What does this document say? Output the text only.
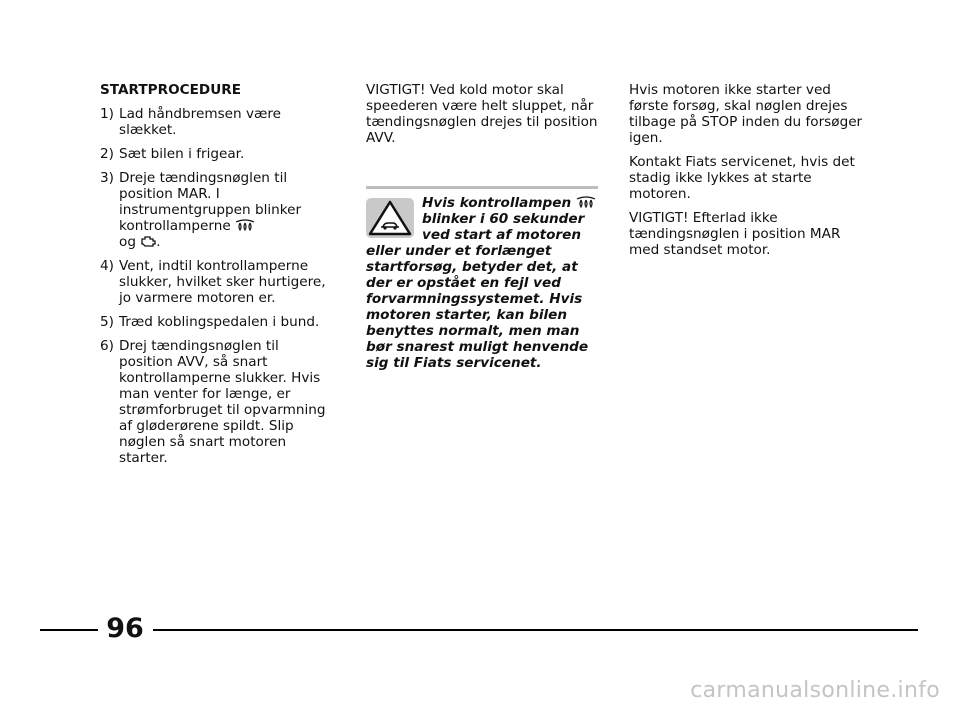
STARTPROCEDURE

1) Lad håndbremsen være slækket.
2) Sæt bilen i frigear.
3) Dreje tændingsnøglen til position MAR. I instrumentgruppen blinker kontrollamperne
og .
4) Vent, indtil kontrollamperne slukker, hvilket sker hurtigere, jo varmere motoren er.
5) Træd koblingspedalen i bund.
6) Drej tændingsnøglen til position AVV, så snart kontrollamperne slukker. Hvis man venter for længe, er strømforbruget til opvarmning af gløderørene spildt. Slip nøglen så snart motoren starter.

VIGTIGT! Ved kold motor skal speederen være helt sluppet, når tændingsnøglen drejes til position AVV.

Hvis kontrollampen  blinker i 60 sekunder ved start af motoren eller under et forlænget startforsøg, betyder det, at der er opstået en fejl ved forvarmningssystemet. Hvis motoren starter, kan bilen benyttes normalt, men man bør snarest muligt henvende sig til Fiats servicenet.

Hvis motoren ikke starter ved første forsøg, skal nøglen drejes tilbage på STOP inden du forsøger igen.

Kontakt Fiats servicenet, hvis det stadig ikke lykkes at starte motoren.

VIGTIGT! Efterlad ikke tændingsnøglen i position MAR med standset motor.

96
carmanualsonline.info
